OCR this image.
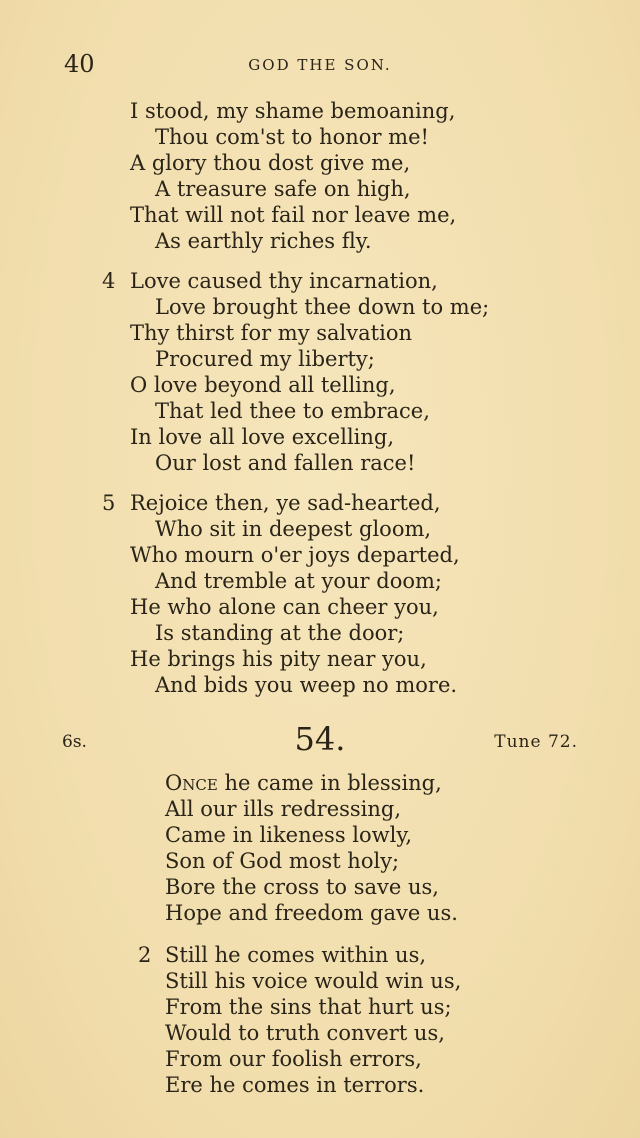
40	GOD THE SON.
I stood, my shame bemoaning,
Thou com'st to honor me!
A glory thou dost give me,
A treasure safe on high,
That will not fail nor leave me,
As earthly riches fly.
4 Love caused thy incarnation,
Love brought thee down to me;
Thy thirst for my salvation
Procured my liberty;
O love beyond all telling,
That led thee to embrace,
In love all love excelling,
Our lost and fallen race!
5 Rejoice then, ye sad-hearted,
Who sit in deepest gloom,
Who mourn o'er joys departed,
And tremble at your doom;
He who alone can cheer you,
Is standing at the door;
He brings his pity near you,
And bids you weep no more.
6s.	54.	Tune 72.
Once he came in blessing,
All our ills redressing,
Came in likeness lowly,
Son of God most holy;
Bore the cross to save us,
Hope and freedom gave us.
2 Still he comes within us,
Still his voice would win us,
From the sins that hurt us;
Would to truth convert us,
From our foolish errors,
Ere he comes in terrors.
